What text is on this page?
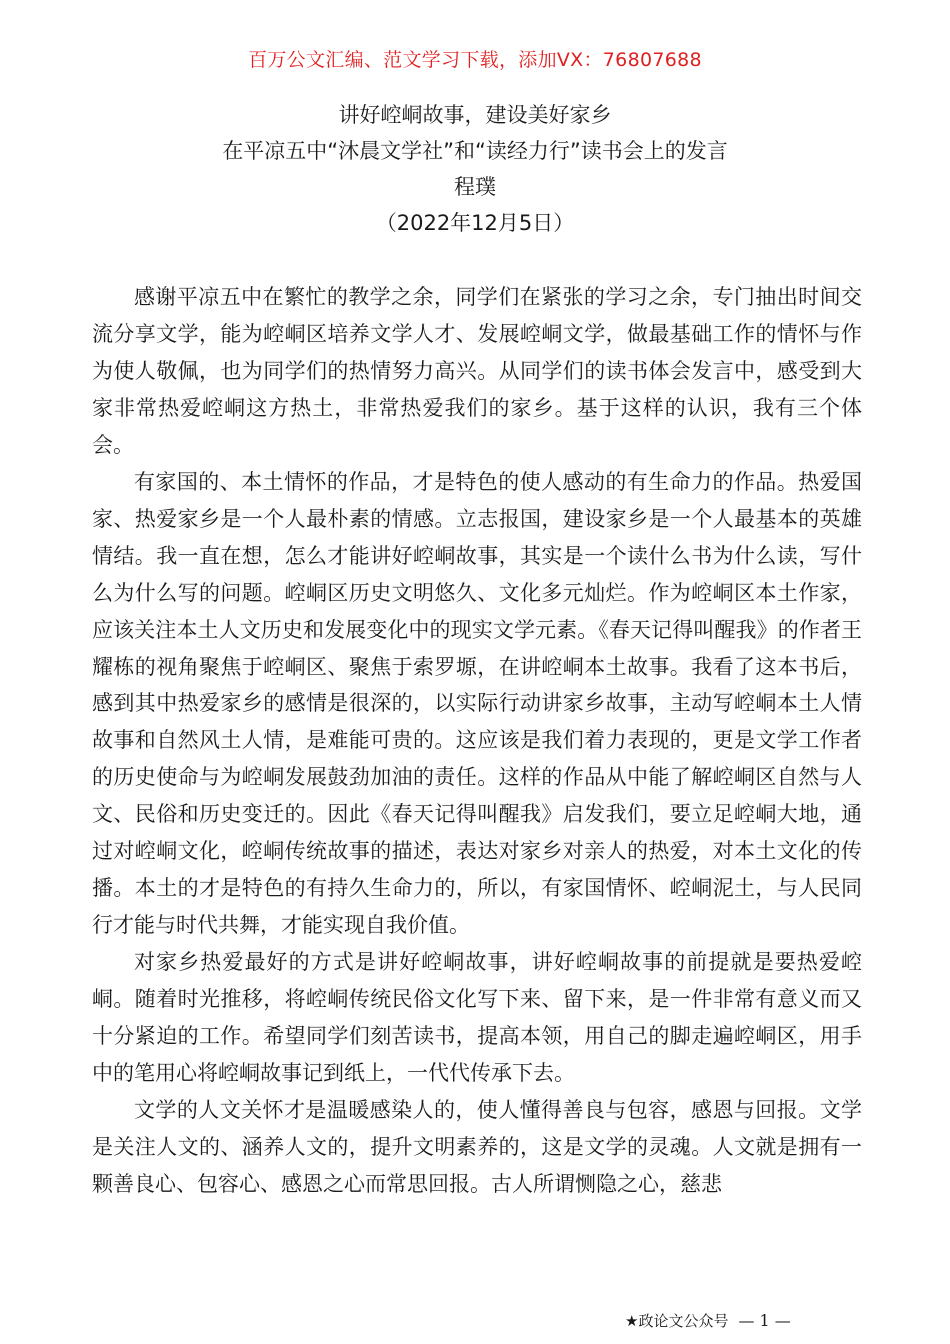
百万公文汇编、范文学习下载，添加VX：76807688
讲好崆峒故事，建设美好家乡
在平凉五中“沐晨文学社”和“读经力行”读书会上的发言
程璞
（2022年12月5日）

感谢平凉五中在繁忙的教学之余，同学们在紧张的学习之余，专门抽出时间交流分享文学，能为崆峒区培养文学人才、发展崆峒文学，做最基础工作的情怀与作为使人敬佩，也为同学们的热情努力高兴。从同学们的读书体会发言中，感受到大家非常热爱崆峒这方热土，非常热爱我们的家乡。基于这样的认识，我有三个体会。

有家国的、本土情怀的作品，才是特色的使人感动的有生命力的作品。热爱国家、热爱家乡是一个人最朴素的情感。立志报国，建设家乡是一个人最基本的英雄情结。我一直在想，怎么才能讲好崆峒故事，其实是一个读什么书为什么读，写什么为什么写的问题。崆峒区历史文明悠久、文化多元灿烂。作为崆峒区本土作家，应该关注本土人文历史和发展变化中的现实文学元素。《春天记得叫醒我》的作者王耀栋的视角聚焦于崆峒区、聚焦于索罗塬，在讲崆峒本土故事。我看了这本书后，感到其中热爱家乡的感情是很深的，以实际行动讲家乡故事，主动写崆峒本土人情故事和自然风土人情，是难能可贵的。这应该是我们着力表现的，更是文学工作者的历史使命与为崆峒发展鼓劲加油的责任。这样的作品从中能了解崆峒区自然与人文、民俗和历史变迁的。因此《春天记得叫醒我》启发我们，要立足崆峒大地，通过对崆峒文化，崆峒传统故事的描述，表达对家乡对亲人的热爱，对本土文化的传播。本土的才是特色的有持久生命力的，所以，有家国情怀、崆峒泥土，与人民同行才能与时代共舞，才能实现自我价值。

对家乡热爱最好的方式是讲好崆峒故事，讲好崆峒故事的前提就是要热爱崆峒。随着时光推移，将崆峒传统民俗文化写下来、留下来，是一件非常有意义而又十分紧迫的工作。希望同学们刻苦读书，提高本领，用自己的脚走遍崆峒区，用手中的笔用心将崆峒故事记到纸上，一代代传承下去。

文学的人文关怀才是温暖感染人的，使人懂得善良与包容，感恩与回报。文学是关注人文的、涵养人文的，提升文明素养的，这是文学的灵魂。人文就是拥有一颗善良心、包容心、感恩之心而常思回报。古人所谓恻隐之心，慈悲

★政论文公众号 — 1 —
